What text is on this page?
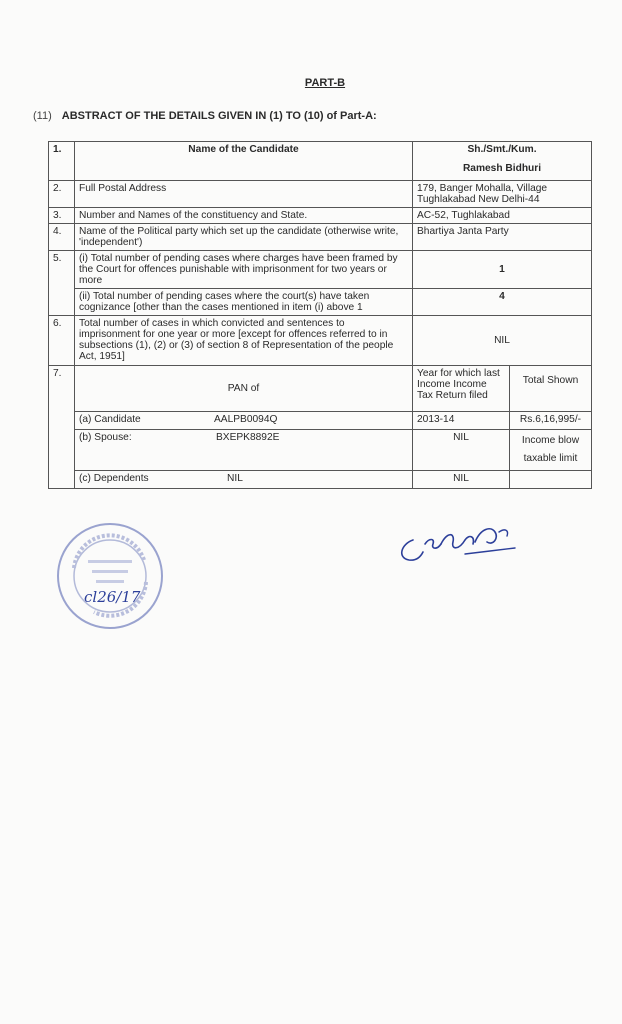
PART-B
(11) ABSTRACT OF THE DETAILS GIVEN IN (1) TO (10) of Part-A:
1.	Name of the Candidate	Sh./Smt./Kum.
Ramesh Bidhuri	

2.	Full Postal Address	179, Banger Mohalla, Village Tughlakabad New Delhi-44	
3.	Number and Names of the constituency and State.	AC-52, Tughlakabad	
4.	Name of the Political party which set up the candidate (otherwise write, 'independent')	Bhartiya Janta Party	
5.	(i) Total number of pending cases where charges have been framed by the Court for offences punishable with imprisonment for two years or more	1	
	(ii) Total number of pending cases where the court(s) have taken cognizance [other than the cases mentioned in item (i) above 1	4	
6.	Total number of cases in which convicted and sentences to imprisonment for one year or more [except for offences referred to in subsections (1), (2) or (3) of section 8 of Representation of the people Act, 1951]	NIL	
7.	PAN of	Year for which last Income Income Tax Return filed	Total Shown
	(a) Candidate AALPB0094Q	2013-14	Rs.6,16,995/-
	(b) Spouse: BXEPK8892E	NIL	Income blow taxable limit
	(c) Dependents NIL	NIL	
cl26/17
